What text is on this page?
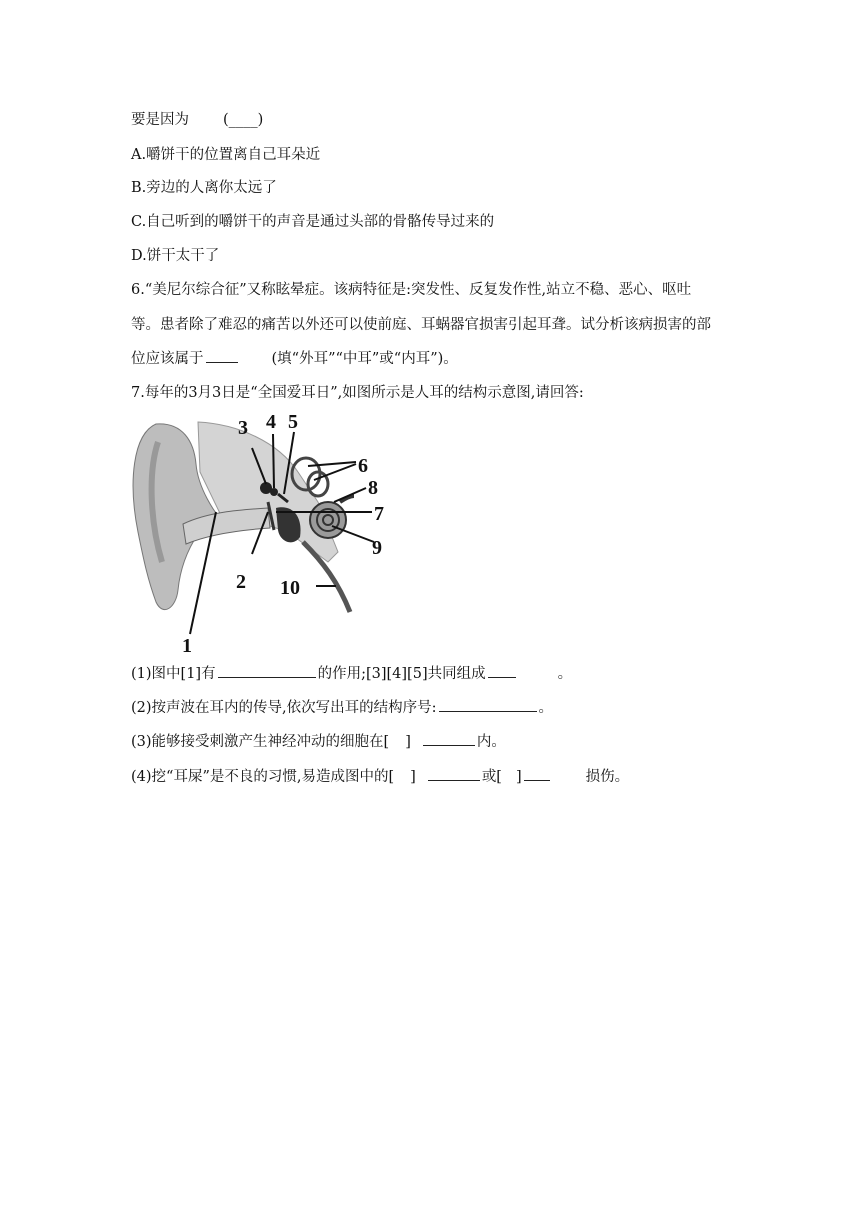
要是因为 (____)
A.嚼饼干的位置离自己耳朵近
B.旁边的人离你太远了
C.自己听到的嚼饼干的声音是通过头部的骨骼传导过来的
D.饼干太干了
6.“美尼尔综合征”又称眩晕症。该病特征是:突发性、反复发作性,站立不稳、恶心、呕吐
等。患者除了难忍的痛苦以外还可以使前庭、耳蜗器官损害引起耳聋。试分析该病损害的部
位应该属于	(填“外耳”“中耳”或“内耳”)。
7.每年的3月3日是“全国爱耳日”,如图所示是人耳的结构示意图,请回答:
1
2
3 4 5
6
8
7
9
10
(1)图中[1]有	的作用;[3][4][5]共同组成	。
(2)按声波在耳内的传导,依次写出耳的结构序号:	。
(3)能够接受刺激产生神经冲动的细胞在[ ]	内。
(4)挖“耳屎”是不良的习惯,易造成图中的[ ]	或[ ]	损伤。
